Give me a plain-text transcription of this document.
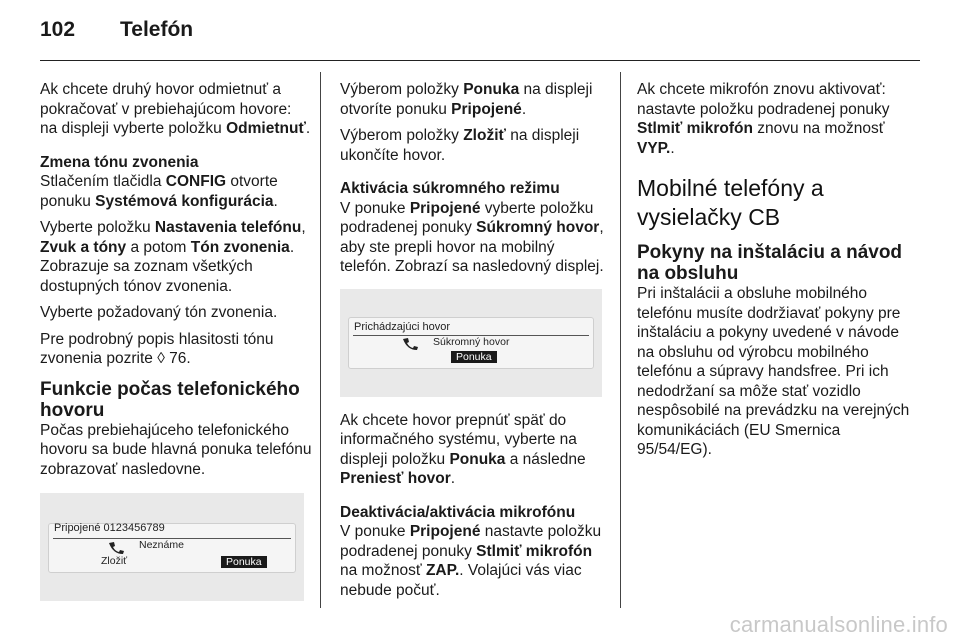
102	Telefón

Ak chcete druhý hovor odmietnuť a pokračovať v prebiehajúcom hovore: na displeji vyberte položku Odmietnuť.

Zmena tónu zvonenia

Stlačením tlačidla CONFIG otvorte ponuku Systémová konfigurácia.

Vyberte položku Nastavenia telefónu, Zvuk a tóny a potom Tón zvonenia. Zobrazuje sa zoznam všetkých dostupných tónov zvonenia.

Vyberte požadovaný tón zvonenia.

Pre podrobný popis hlasitosti tónu zvonenia pozrite ◊ 76.

Funkcie počas telefonického hovoru

Počas prebiehajúceho telefonického hovoru sa bude hlavná ponuka telefónu zobrazovať nasledovne.

Pripojené 0123456789
Neznáme
Zložiť	Ponuka

Výberom položky Ponuka na displeji otvoríte ponuku Pripojené.

Výberom položky Zložiť na displeji ukončíte hovor.

Aktivácia súkromného režimu

V ponuke Pripojené vyberte položku podradenej ponuky Súkromný hovor, aby ste prepli hovor na mobilný telefón. Zobrazí sa nasledovný displej.

Prichádzajúci hovor
Súkromný hovor
Ponuka

Ak chcete hovor prepnúť späť do informačného systému, vyberte na displeji položku Ponuka a následne Prenies​ť hovor.

Deaktivácia/aktivácia mikrofónu

V ponuke Pripojené nastavte položku podradenej ponuky Stlmiť mikrofón na možnosť ZAP.. Volajúci vás viac nebude počuť.

Ak chcete mikrofón znovu aktivovať: nastavte položku podradenej ponuky Stlmiť mikrofón znovu na možnosť VYP..

Mobilné telefóny a vysielačky CB
Pokyny na inštaláciu a návod na obsluhu

Pri inštalácii a obsluhe mobilného telefónu musíte dodržiavať pokyny pre inštaláciu a pokyny uvedené v návode na obsluhu od výrobcu mobilného telefónu a súpravy handsfree. Pri ich nedodržaní sa môže stať vozidlo nespôsobilé na prevádzku na verejných komunikáciách (EU Smernica 95/54/EG).

carmanualsonline.info
